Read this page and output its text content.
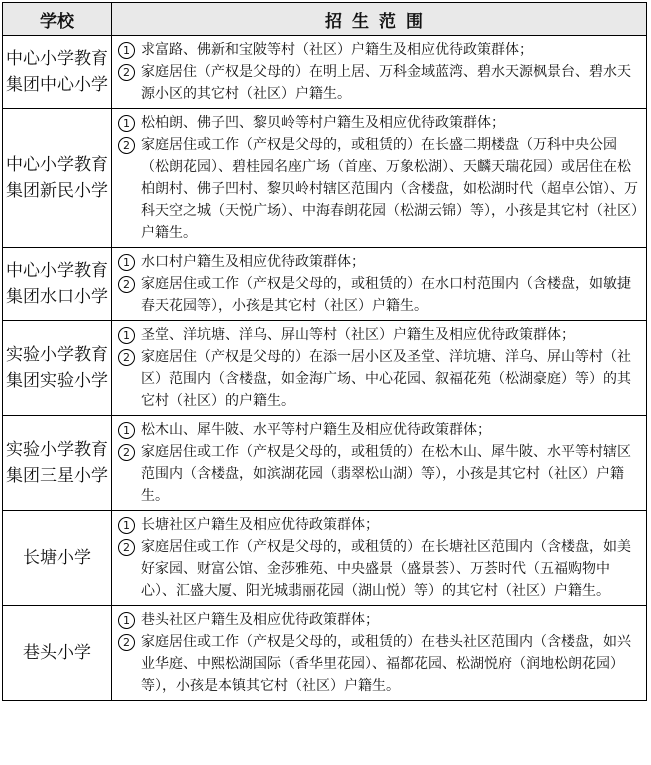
学校	招生范围
中心小学教育集团中心小学	1 求富路、佛新和宝陂等村（社区）户籍生及相应优待政策群体；
2 家庭居住（产权是父母的）在明上居、万科金域蓝湾、碧水天源枫景台、碧水天源小区的其它村（社区）户籍生。

中心小学教育集团新民小学	1 松柏朗、佛子凹、黎贝岭等村户籍生及相应优待政策群体；
2 家庭居住或工作（产权是父母的，或租赁的）在长盛二期楼盘（万科中央公园（松朗花园）、碧桂园名座广场（首座、万象松湖）、天麟天瑞花园）或居住在松柏朗村、佛子凹村、黎贝岭村辖区范围内（含楼盘，如松湖时代（超卓公馆）、万科天空之城（天悦广场）、中海春朗花园（松湖云锦）等），小孩是其它村（社区）户籍生。

中心小学教育集团水口小学	1 水口村户籍生及相应优待政策群体；
2 家庭居住或工作（产权是父母的，或租赁的）在水口村范围内（含楼盘，如敏捷春天花园等），小孩是其它村（社区）户籍生。

实验小学教育集团实验小学	1 圣堂、洋坑塘、洋乌、屏山等村（社区）户籍生及相应优待政策群体；
2 家庭居住（产权是父母的）在添一居小区及圣堂、洋坑塘、洋乌、屏山等村（社区）范围内（含楼盘，如金海广场、中心花园、叙福花苑（松湖豪庭）等）的其它村（社区）的户籍生。

实验小学教育集团三星小学	1 松木山、犀牛陂、水平等村户籍生及相应优待政策群体；
2 家庭居住或工作（产权是父母的，或租赁的）在松木山、犀牛陂、水平等村辖区范围内（含楼盘，如滨湖花园（翡翠松山湖）等），小孩是其它村（社区）户籍生。

长塘小学	1 长塘社区户籍生及相应优待政策群体；
2 家庭居住或工作（产权是父母的，或租赁的）在长塘社区范围内（含楼盘，如美好家园、财富公馆、金莎雅苑、中央盛景（盛景荟）、万荟时代（五福购物中心）、汇盛大厦、阳光城翡丽花园（湖山悦）等）的其它村（社区）户籍生。

巷头小学	1 巷头社区户籍生及相应优待政策群体；
2 家庭居住或工作（产权是父母的，或租赁的）在巷头社区范围内（含楼盘，如兴业华庭、中熙松湖国际（香华里花园）、福都花园、松湖悦府（润地松朗花园）等），小孩是本镇其它村（社区）户籍生。
